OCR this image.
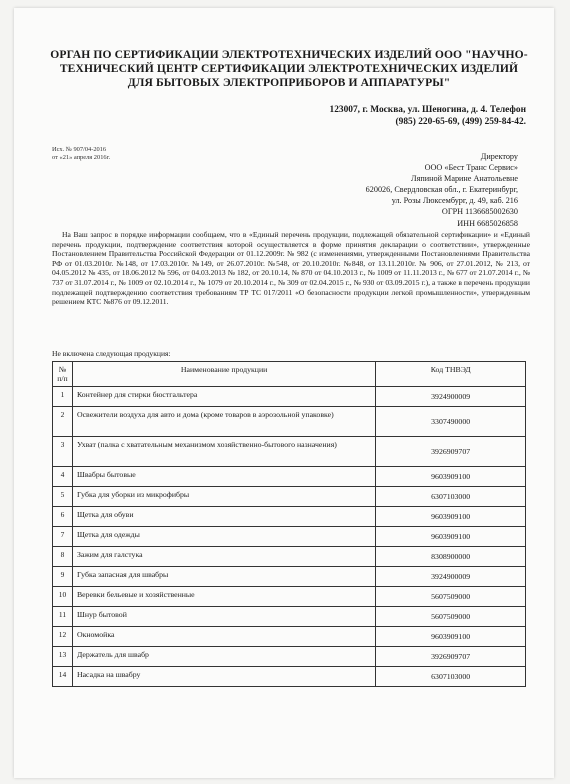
ОРГАН ПО СЕРТИФИКАЦИИ ЭЛЕКТРОТЕХНИЧЕСКИХ ИЗДЕЛИЙ ООО "НАУЧНО-
ТЕХНИЧЕСКИЙ ЦЕНТР СЕРТИФИКАЦИИ ЭЛЕКТРОТЕХНИЧЕСКИХ ИЗДЕЛИЙ
ДЛЯ БЫТОВЫХ ЭЛЕКТРОПРИБОРОВ И АППАРАТУРЫ"
123007, г. Москва, ул. Шеногина, д. 4. Телефон
(985) 220-65-69, (499) 259-84-42.
Исх. № 907/04-2016
от «21» апреля 2016г.	Директору
ООО «Бест Транс Сервис»
Ляпиной Марине Анатольевне
620026, Свердловская обл., г. Екатеринбург,
ул. Розы Люксембург, д. 49, каб. 216
ОГРН 1136685002630
ИНН 6685026858

На Ваш запрос в порядке информации сообщаем, что в «Единый перечень продукции, подлежащей обязательной сертификации» и «Единый перечень продукции, подтверждение соответствия которой осуществляется в форме принятия декларации о соответствии», утвержденные Постановлением Правительства Российской Федерации от 01.12.2009г. № 982 (с изменениями, утвержденными Постановлениями Правительства РФ от 01.03.2010г. №148, от 17.03.2010г. №149, от 26.07.2010г. №548, от 20.10.2010г. №848, от 13.11.2010г. № 906, от 27.01.2012, № 213, от 04.05.2012 № 435, от 18.06.2012 № 596, от 04.03.2013 № 182, от 20.10.14, № 870 от 04.10.2013 г., № 1009 от 11.11.2013 г., № 677 от 21.07.2014 г., № 737 от 31.07.2014 г., № 1009 от 02.10.2014 г., № 1079 от 20.10.2014 г., № 309 от 02.04.2015 г., № 930 от 03.09.2015 г.), а также в перечень продукции подлежащей подтверждению соответствия требованиям ТР ТС 017/2011 «О безопасности продукции легкой промышленности», утвержденным решением КТС №876 от 09.12.2011.

Не включена следующая продукция:
№ п/п	Наименование продукции	Код ТНВЭД
1	Контейнер для стирки бюстгальтера	3924900009
2	Освежители воздуха для авто и дома (кроме товаров в аэрозольной упаковке)	3307490000
3	Ухват (палка с хватательным механизмом хозяйственно-бытового назначения)	3926909707
4	Швабры бытовые	9603909100
5	Губка для уборки из микрофибры	6307103000
6	Щетка для обуви	9603909100
7	Щетка для одежды	9603909100
8	Зажим для галстука	8308900000
9	Губка запасная для швабры	3924900009
10	Веревки бельевые и хозяйственные	5607509000
11	Шнур бытовой	5607509000
12	Окномойка	9603909100
13	Держатель для швабр	3926909707
14	Насадка на швабру	6307103000
